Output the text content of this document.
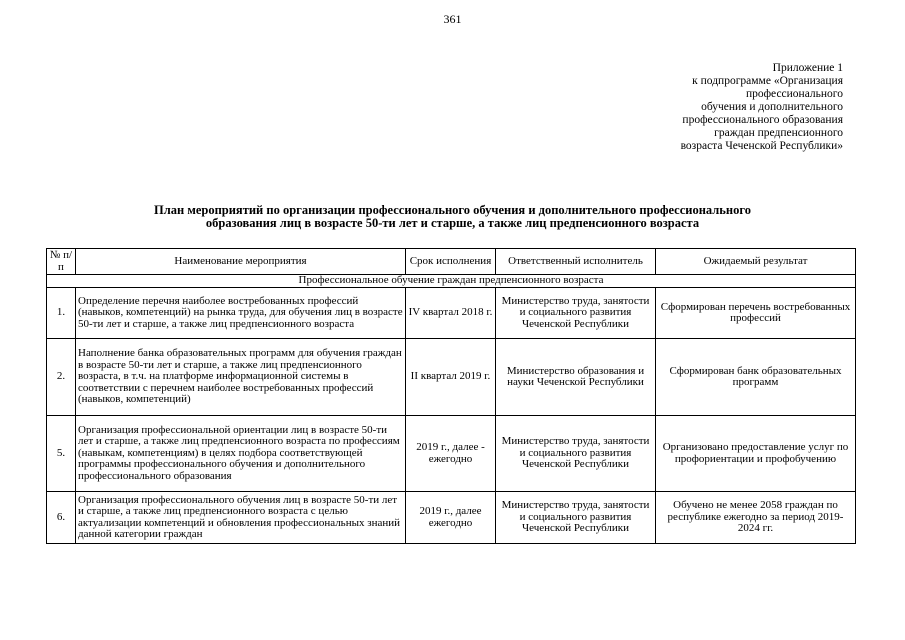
361
Приложение 1
к подпрограмме «Организация
профессионального
обучения и дополнительного
профессионального образования
граждан предпенсионного
возраста Чеченской Республики»
План мероприятий по организации профессионального обучения и дополнительного профессионального
образования лиц в возрасте 50-ти лет и старше, а также лиц предпенсионного возраста
№ п/п	Наименование мероприятия	Срок исполнения	Ответственный исполнитель	Ожидаемый результат
Профессиональное обучение граждан предпенсионного возраста				
1.	Определение перечня наиболее востребованных профессий (навыков, компетенций) на рынка труда, для обучения лиц в возрасте 50-ти лет и старше, а также лиц предпенсионного возраста	IV квартал 2018 г.	Министерство труда, занятости и социального развития Чеченской Республики	Сформирован перечень востребованных профессий
2.	Наполнение банка образовательных программ для обучения граждан в возрасте 50-ти лет и старше, а также лиц предпенсионного возраста, в т.ч. на платформе информационной системы в соответствии с перечнем наиболее востребованных профессий (навыков, компетенций)	II квартал 2019 г.	Министерство образования и науки Чеченской Республики	Сформирован банк образовательных программ
5.	Организация профессиональной ориентации лиц в возрасте 50-ти лет и старше, а также лиц предпенсионного возраста по профессиям (навыкам, компетенциям) в целях подбора соответствующей программы профессионального обучения и дополнительного профессионального образования	2019 г., далее - ежегодно	Министерство труда, занятости и социального развития Чеченской Республики	Организовано предоставление услуг по профориентации и профобучению
6.	Организация профессионального обучения лиц в возрасте 50-ти лет и старше, а также лиц предпенсионного возраста с целью актуализации компетенций и обновления профессиональных знаний данной категории граждан	2019 г., далее ежегодно	Министерство труда, занятости и социального развития Чеченской Республики	Обучено не менее 2058 граждан по республике ежегодно за период 2019-2024 гг.
